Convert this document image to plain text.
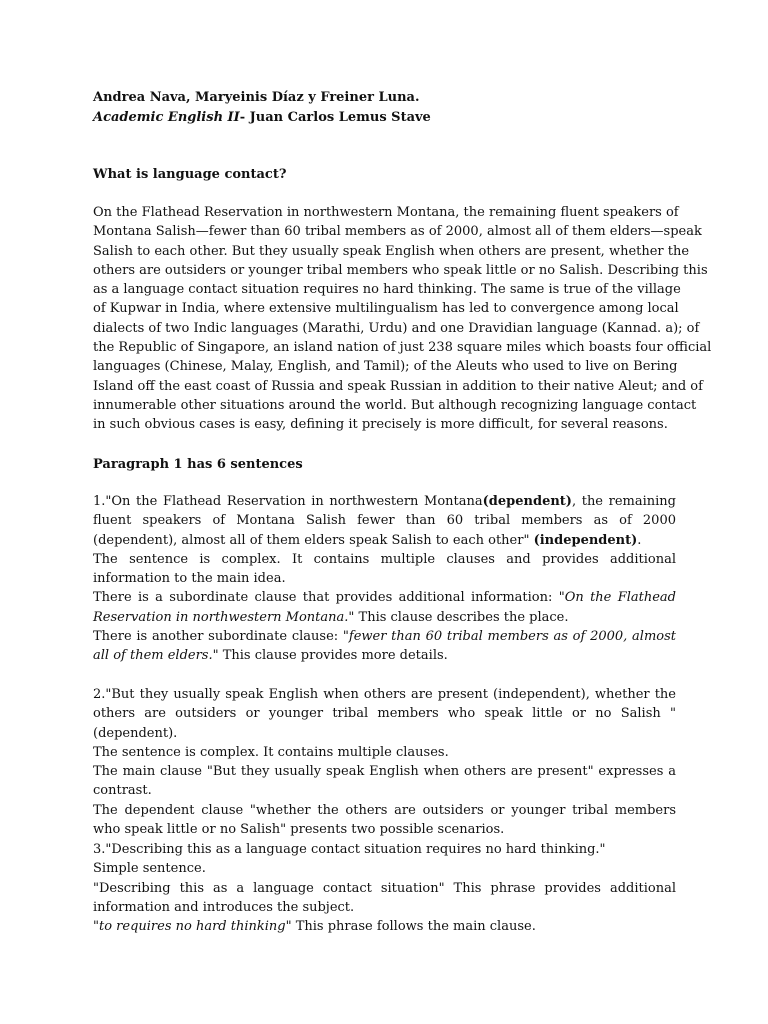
Andrea Nava, Maryeinis Díaz y Freiner Luna.
Academic English II- Juan Carlos Lemus Stave
What is language contact?
On the Flathead Reservation in northwestern Montana, the remaining fluent speakers of
Montana Salish—fewer than 60 tribal members as of 2000, almost all of them elders—speak
Salish to each other. But they usually speak English when others are present, whether the
others are outsiders or younger tribal members who speak little or no Salish. Describing this
as a language contact situation requires no hard thinking. The same is true of the village
of Kupwar in India, where extensive multilingualism has led to convergence among local
dialects of two Indic languages (Marathi, Urdu) and one Dravidian language (Kannad. a); of
the Republic of Singapore, an island nation of just 238 square miles which boasts four official
languages (Chinese, Malay, English, and Tamil); of the Aleuts who used to live on Bering
Island off the east coast of Russia and speak Russian in addition to their native Aleut; and of
innumerable other situations around the world. But although recognizing language contact
in such obvious cases is easy, defining it precisely is more difficult, for several reasons.
Paragraph 1 has 6 sentences

1."On the Flathead Reservation in northwestern Montana(dependent), the remaining fluent speakers of Montana Salish fewer than 60 tribal members as of 2000 (dependent), almost all of them elders speak Salish to each other" (independent).

The sentence is complex. It contains multiple clauses and provides additional information to the main idea.

There is a subordinate clause that provides additional information: "On the Flathead Reservation in northwestern Montana." This clause describes the place.

There is another subordinate clause: "fewer than 60 tribal members as of 2000, almost all of them elders." This clause provides more details.

2."But they usually speak English when others are present (independent), whether the others are outsiders or younger tribal members who speak little or no Salish "(dependent).

The sentence is complex. It contains multiple clauses.

The main clause "But they usually speak English when others are present" expresses a contrast.

The dependent clause "whether the others are outsiders or younger tribal members who speak little or no Salish" presents two possible scenarios.

3."Describing this as a language contact situation requires no hard thinking."

Simple sentence.

"Describing this as a language contact situation" This phrase provides additional information and introduces the subject.

"to requires no hard thinking" This phrase follows the main clause.
